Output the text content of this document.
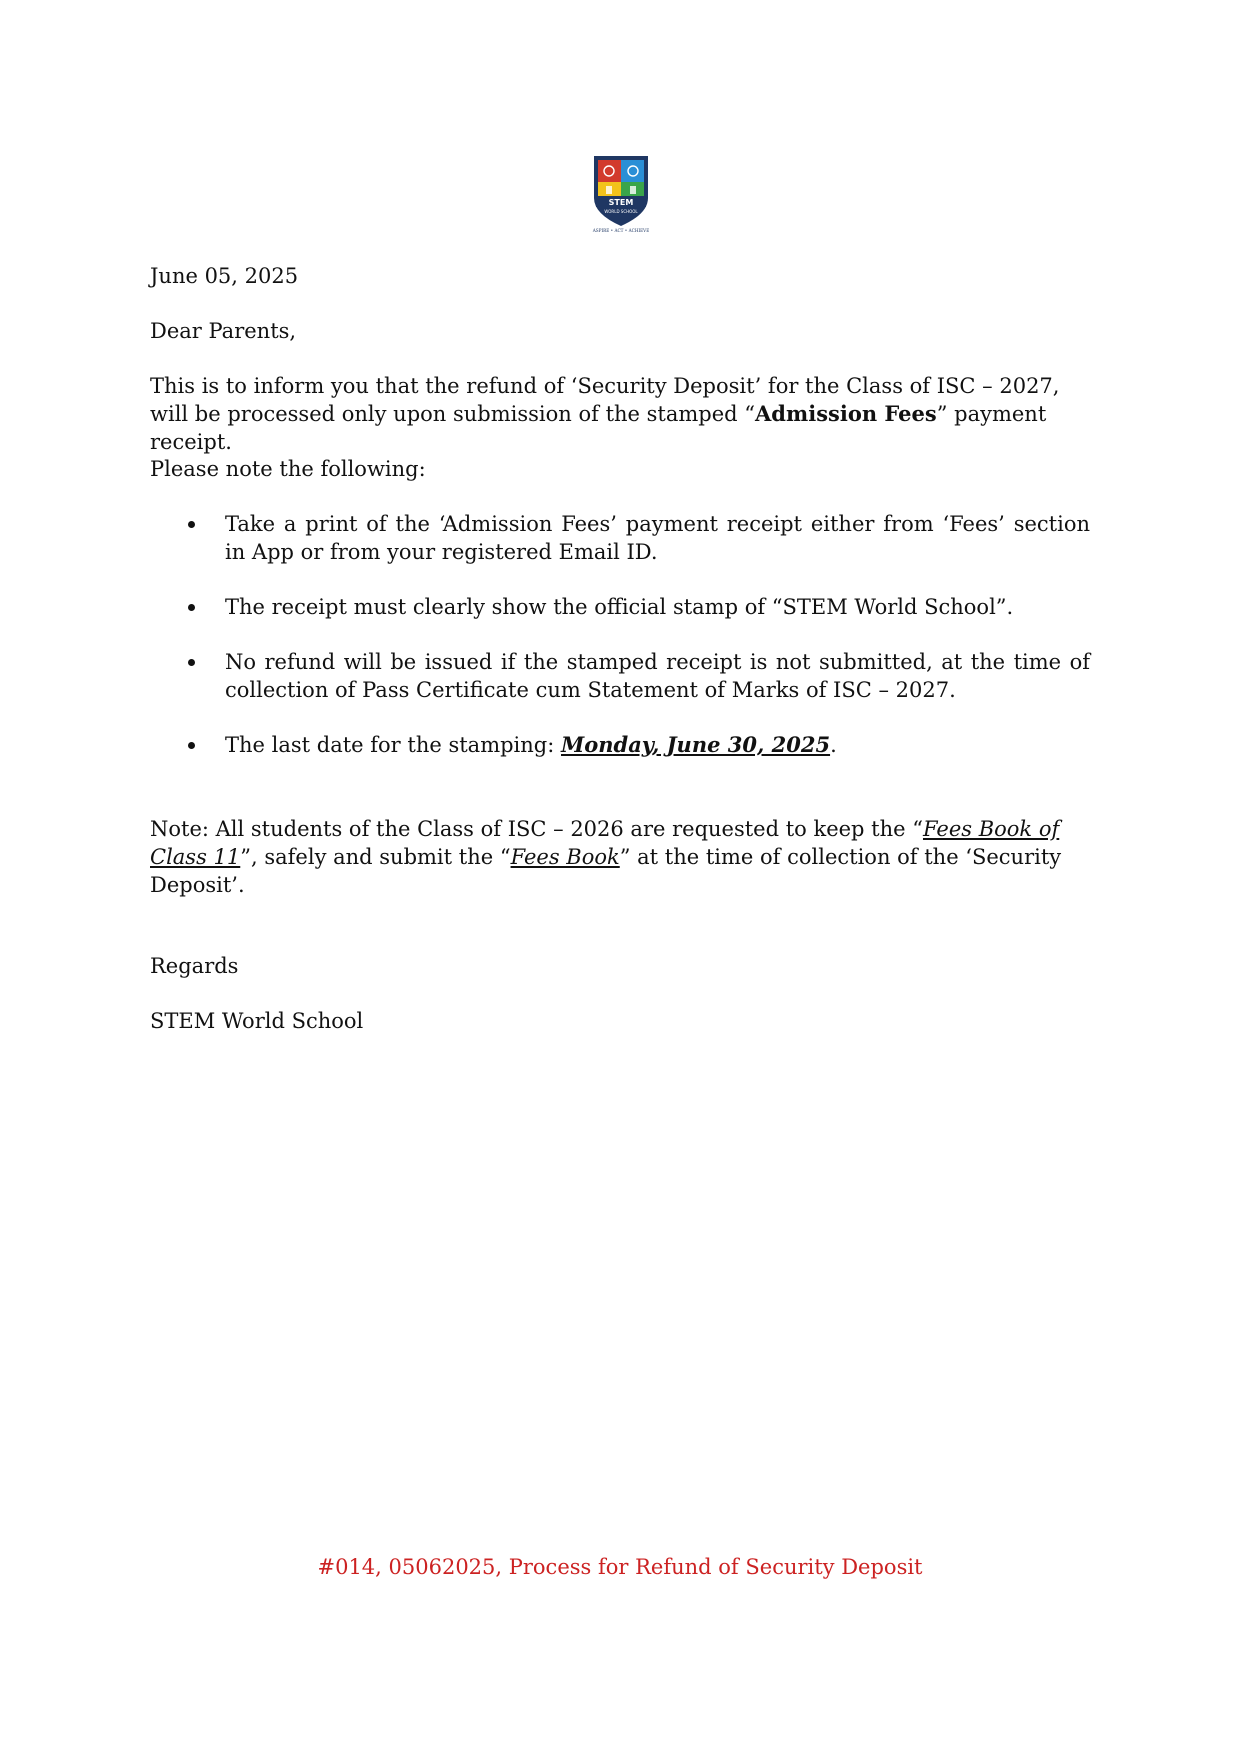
STEM
WORLD SCHOOL
ASPIRE • ACT • ACHIEVE
June 05, 2025
Dear Parents,
This is to inform you that the refund of ‘Security Deposit’ for the Class of ISC – 2027, will be processed only upon submission of the stamped “Admission Fees” payment receipt.
Please note the following:
Take a print of the ‘Admission Fees’ payment receipt either from ‘Fees’ section in App or from your registered Email ID.
The receipt must clearly show the official stamp of “STEM World School”.
No refund will be issued if the stamped receipt is not submitted, at the time of collection of Pass Certificate cum Statement of Marks of ISC – 2027.
The last date for the stamping: Monday, June 30, 2025.
Note: All students of the Class of ISC – 2026 are requested to keep the “Fees Book of Class 11”, safely and submit the “Fees Book” at the time of collection of the ‘Security Deposit’.
Regards
STEM World School
#014, 05062025, Process for Refund of Security Deposit
